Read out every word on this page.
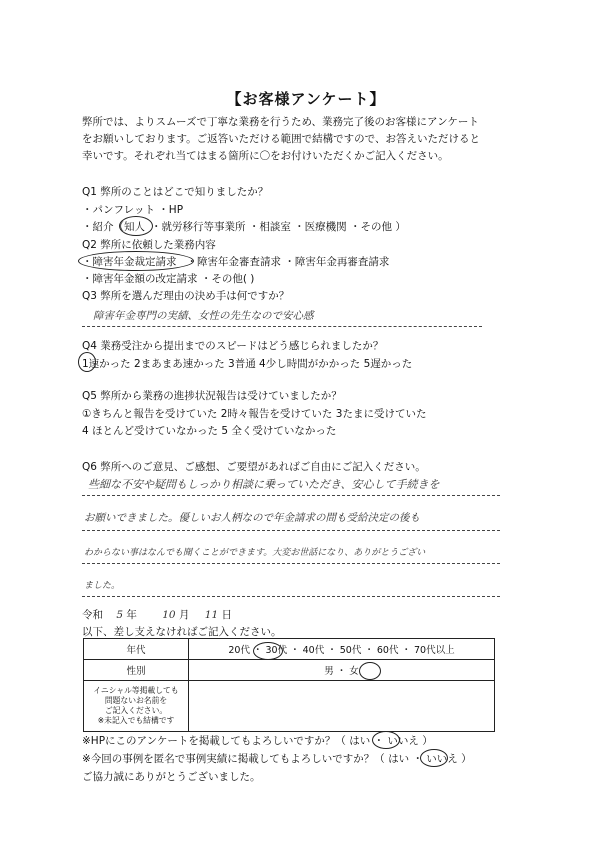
【お客様アンケート】
弊所では、よりスムーズで丁寧な業務を行うため、業務完了後のお客様にアンケート
をお願いしております。ご返答いただける範囲で結構ですので、お答えいただけると
幸いです。それぞれ当てはまる箇所に〇をお付けいただくかご記入ください。
Q1 弊所のことはどこで知りましたか？
・パンフレット ・HP
・紹介（知人 ・就労移行等事業所 ・相談室 ・医療機関 ・その他 ）
Q2 弊所に依頼した業務内容
・障害年金裁定請求 ・障害年金審査請求 ・障害年金再審査請求
・障害年金額の改定請求 ・その他( )
Q3 弊所を選んだ理由の決め手は何ですか？
障害年金専門の実績、女性の先生なので安心感
Q4 業務受注から提出までのスピードはどう感じられましたか？
1速かった 2まあまあ速かった 3普通 4少し時間がかかった 5遅かった
Q5 弊所から業務の進捗状況報告は受けていましたか？
①きちんと報告を受けていた 2時々報告を受けていた 3たまに受けていた
4 ほとんど受けていなかった 5 全く受けていなかった
Q6 弊所へのご意見、ご感想、ご要望があればご自由にご記入ください。
些細な不安や疑問もしっかり相談に乗っていただき、安心して手続きを
お願いできました。優しいお人柄なので年金請求の間も受給決定の後も
わからない事はなんでも聞くことができます。大変お世話になり、ありがとうござい
ました。
令和 5 年 10 月 11 日
以下、差し支えなければご記入ください。
年代	20代 ・ 30代 ・ 40代 ・ 50代 ・ 60代 ・ 70代以上
性別	男 ・ 女

イニシャル等掲載しても
問題ないお名前を
ご記入ください。
※未記入でも結構です	

※HPにこのアンケートを掲載してもよろしいですか？（ はい ・ いいえ ）
※今回の事例を匿名で事例実績に掲載してもよろしいですか？（ はい ・ いいえ ）
ご協力誠にありがとうございました。
